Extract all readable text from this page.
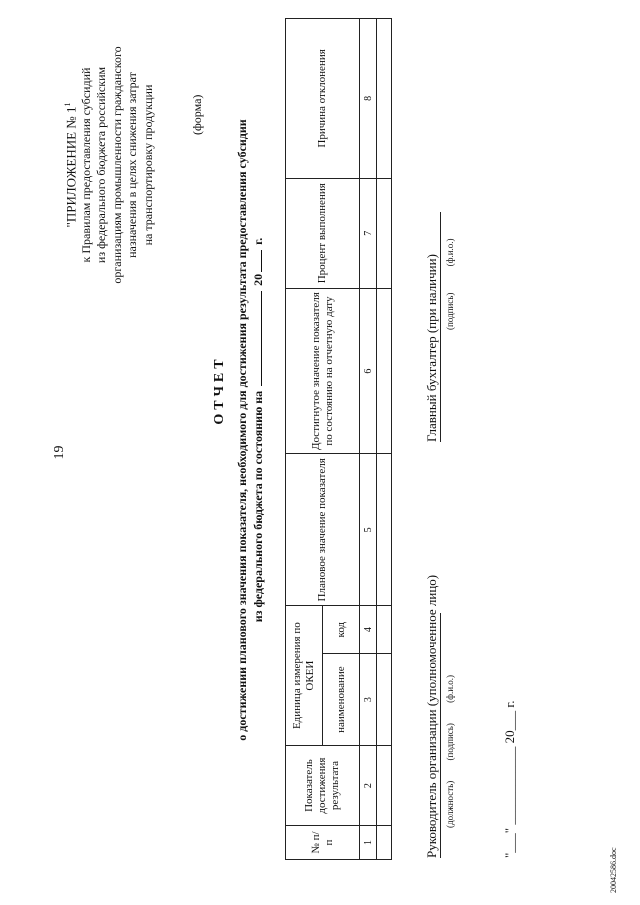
19
"ПРИЛОЖЕНИЕ № $1^1$ к Правилам предоставления субсидий из федерального бюджета российским организациям промышленности гражданского назначения в целях снижения затрат на транспортировку продукции	(форма)
ОТЧЕТ о достижении планового значения показателя, необходимого для достижения результата предоставления субсидии из федерального бюджета по состоянию на  20 г.
№ п/п	Показатель достижения результата	Единица измерения по ОКЕИ		Плановое значение показателя	Достигнутое значение показателя по состоянию на отчетную дату	Процент выполнения	Причина отклонения
		наименование	код				
1	2	3	4	5	6	7	8

Руководитель организации (уполномоченное лицо) (должность) (подпись) (ф.и.о.)
Главный бухгалтер (при наличии) (подпись) (ф.и.о.)
"___" ____________ 20___ г.
20042586.doc
